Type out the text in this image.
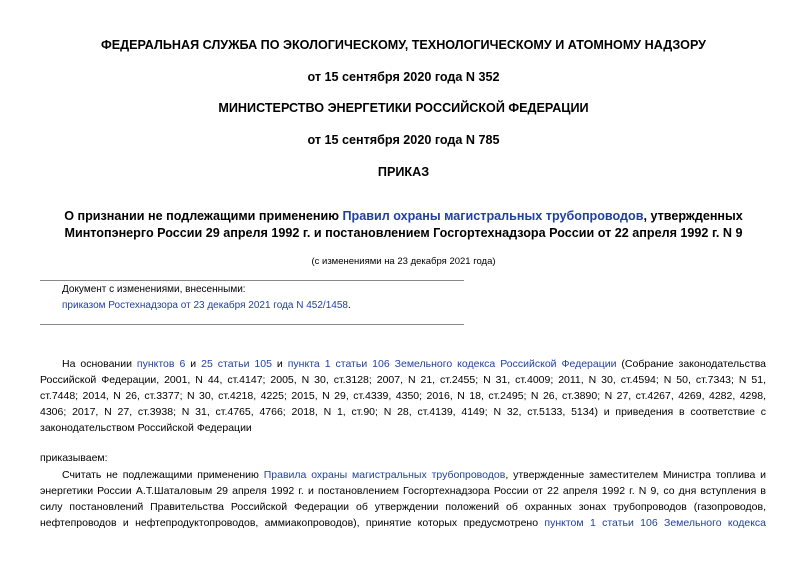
ФЕДЕРАЛЬНАЯ СЛУЖБА ПО ЭКОЛОГИЧЕСКОМУ, ТЕХНОЛОГИЧЕСКОМУ И АТОМНОМУ НАДЗОРУ
от 15 сентября 2020 года N 352
МИНИСТЕРСТВО ЭНЕРГЕТИКИ РОССИЙСКОЙ ФЕДЕРАЦИИ
от 15 сентября 2020 года N 785
ПРИКАЗ
О признании не подлежащими применению Правил охраны магистральных трубопроводов, утвержденных
Минтопэнерго России 29 апреля 1992 г. и постановлением Госгортехнадзора России от 22 апреля 1992 г. N 9
(с изменениями на 23 декабря 2021 года)
Документ с изменениями, внесенными:
приказом Ростехнадзора от 23 декабря 2021 года N 452/1458.
На основании пунктов 6 и 25 статьи 105 и пункта 1 статьи 106 Земельного кодекса Российской Федерации (Собрание законодательства
Российской Федерации, 2001, N 44, ст.4147; 2005, N 30, ст.3128; 2007, N 21, ст.2455; N 31, ст.4009; 2011, N 30, ст.4594; N 50, ст.7343; N 51,
ст.7448; 2014, N 26, ст.3377; N 30, ст.4218, 4225; 2015, N 29, ст.4339, 4350; 2016, N 18, ст.2495; N 26, ст.3890; N 27, ст.4267, 4269, 4282, 4298,
4306; 2017, N 27, ст.3938; N 31, ст.4765, 4766; 2018, N 1, ст.90; N 28, ст.4139, 4149; N 32, ст.5133, 5134) и приведения в соответствие с
законодательством Российской Федерации
приказываем:
Считать не подлежащими применению Правила охраны магистральных трубопроводов, утвержденные заместителем Министра топлива и
энергетики России А.Т.Шаталовым 29 апреля 1992 г. и постановлением Госгортехнадзора России от 22 апреля 1992 г. N 9, со дня вступления в
силу постановлений Правительства Российской Федерации об утверждении положений об охранных зонах трубопроводов (газопроводов,
нефтепроводов и нефтепродуктопроводов, аммиакопроводов), принятие которых предусмотрено пунктом 1 статьи 106 Земельного кодекса
